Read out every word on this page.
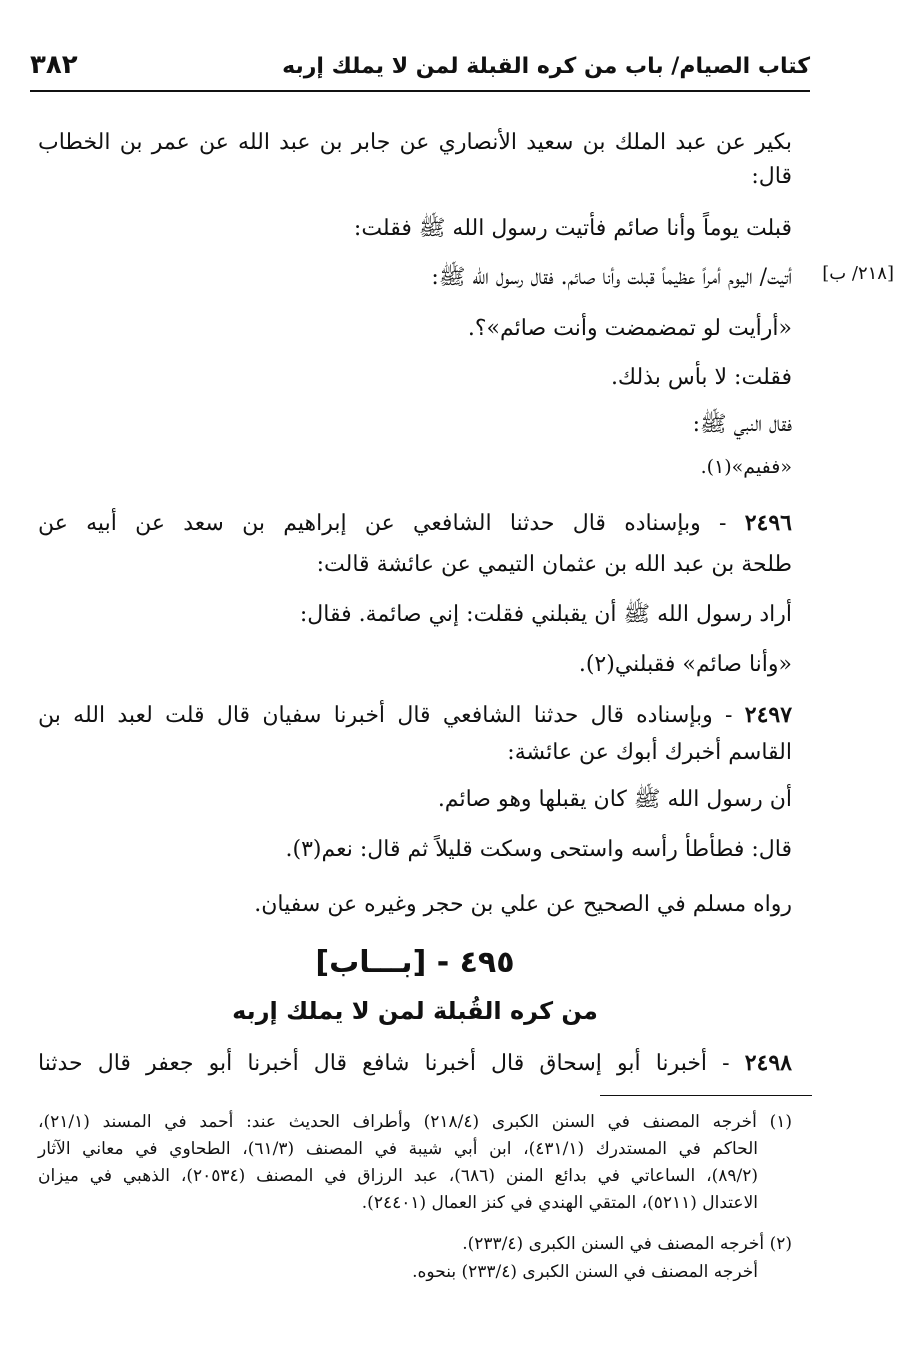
كتاب الصيام/ باب من كره القبلة لمن لا يملك إربه
٣٨٢
[٢١٨/ ب]
بكير عن عبد الملك بن سعيد الأنصاري عن جابر بن عبد الله عن عمر بن الخطاب
قال:
قبلت يوماً وأنا صائم فأتيت رسول الله ﷺ فقلت:
أتيت/ اليوم أمراً عظيماً قبلت وأنا صائم. فقال رسول الله ﷺ:
«أرأيت لو تمضمضت وأنت صائم»؟.
فقلت: لا بأس بذلك.
فقال النبي ﷺ:
«ففيم»(١).
٢٤٩٦ - وبإسناده قال حدثنا الشافعي عن إبراهيم بن سعد عن أبيه عن
طلحة بن عبد الله بن عثمان التيمي عن عائشة قالت:
أراد رسول الله ﷺ أن يقبلني فقلت: إني صائمة. فقال:
«وأنا صائم» فقبلني(٢).
٢٤٩٧ - وبإسناده قال حدثنا الشافعي قال أخبرنا سفيان قال قلت لعبد الله بن
القاسم أخبرك أبوك عن عائشة:
أن رسول الله ﷺ كان يقبلها وهو صائم.
قال: فطأطأ رأسه واستحى وسكت قليلاً ثم قال: نعم(٣).
رواه مسلم في الصحيح عن علي بن حجر وغيره عن سفيان.
٤٩٥ - [بـــاب]
من كره القُبلة لمن لا يملك إربه
٢٤٩٨ - أخبرنا أبو إسحاق قال أخبرنا شافع قال أخبرنا أبو جعفر قال حدثنا
(١) أخرجه المصنف في السنن الكبرى (٢١٨/٤) وأطراف الحديث عند: أحمد في المسند (٢١/١)،
الحاكم في المستدرك (٤٣١/١)، ابن أبي شيبة في المصنف (٦١/٣)، الطحاوي في معاني الآثار
(٨٩/٢)، الساعاتي في بدائع المنن (٦٨٦)، عبد الرزاق في المصنف (٢٠٥٣٤)، الذهبي في ميزان
الاعتدال (٥٢١١)، المتقي الهندي في كنز العمال (٢٤٤٠١).
(٢) أخرجه المصنف في السنن الكبرى (٢٣٣/٤).
أخرجه المصنف في السنن الكبرى (٢٣٣/٤) بنحوه.
